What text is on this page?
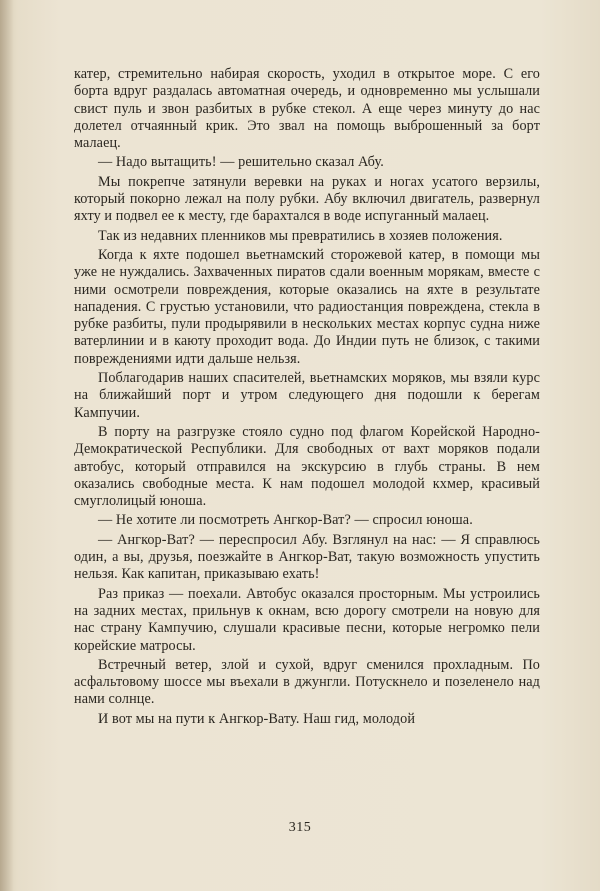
катер, стремительно набирая скорость, уходил в открытое море. С его борта вдруг раздалась автоматная очередь, и одновременно мы услышали свист пуль и звон разбитых в рубке стекол. А еще через минуту до нас долетел отчаянный крик. Это звал на помощь выброшенный за борт малаец.

— Надо вытащить! — решительно сказал Абу.

Мы покрепче затянули веревки на руках и ногах усатого верзилы, который покорно лежал на полу рубки. Абу включил двигатель, развернул яхту и подвел ее к месту, где барахтался в воде испуганный малаец.

Так из недавних пленников мы превратились в хозяев положения.

Когда к яхте подошел вьетнамский сторожевой катер, в помощи мы уже не нуждались. Захваченных пиратов сдали военным морякам, вместе с ними осмотрели повреждения, которые оказались на яхте в результате нападения. С грустью установили, что радиостанция повреждена, стекла в рубке разбиты, пули продырявили в нескольких местах корпус судна ниже ватерлинии и в каюту проходит вода. До Индии путь не близок, с такими повреждениями идти дальше нельзя.

Поблагодарив наших спасителей, вьетнамских моряков, мы взяли курс на ближайший порт и утром следующего дня подошли к берегам Кампучии.

В порту на разгрузке стояло судно под флагом Корейской Народно-Демократической Республики. Для свободных от вахт моряков подали автобус, который отправился на экскурсию в глубь страны. В нем оказались свободные места. К нам подошел молодой кхмер, красивый смуглолицый юноша.

— Не хотите ли посмотреть Ангкор-Ват? — спросил юноша.

— Ангкор-Ват? — переспросил Абу. Взглянул на нас: — Я справлюсь один, а вы, друзья, поезжайте в Ангкор-Ват, такую возможность упустить нельзя. Как капитан, приказываю ехать!

Раз приказ — поехали. Автобус оказался просторным. Мы устроились на задних местах, прильнув к окнам, всю дорогу смотрели на новую для нас страну Кампучию, слушали красивые песни, которые негромко пели корейские матросы.

Встречный ветер, злой и сухой, вдруг сменился прохладным. По асфальтовому шоссе мы въехали в джунгли. Потускнело и позеленело над нами солнце.

И вот мы на пути к Ангкор-Вату. Наш гид, молодой

315
